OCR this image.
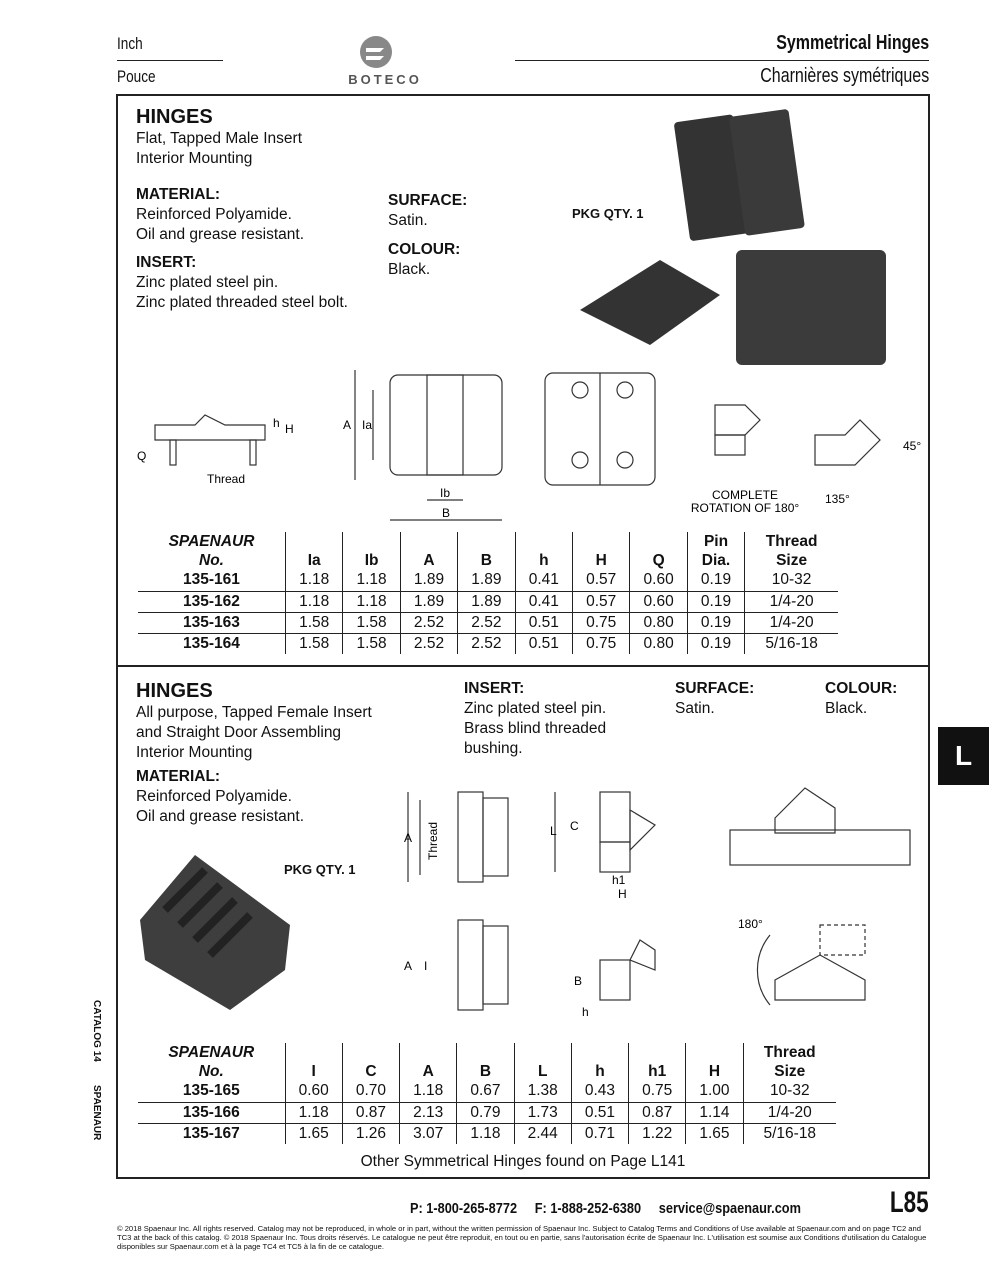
Inch
Pouce	BOTECO
Symmetrical Hinges
Charnières symétriques
HINGES
Flat, Tapped Male Insert
Interior Mounting
MATERIAL:
Reinforced Polyamide.
Oil and grease resistant.
INSERT:
Zinc plated steel pin.
Zinc plated threaded steel bolt.
SURFACE:
Satin.
COLOUR:
Black.
PKG QTY. 1
Thread
h H
Q
A Ia
Ib
B
COMPLETE
ROTATION OF 180°
45°
135°
SPAENAUR
No.	Ia	Ib	A	B	h	H	Q	Pin
Dia.	Thread
Size
135-161	1.18	1.18	1.89	1.89	0.41	0.57	0.60	0.19	10-32
135-162	1.18	1.18	1.89	1.89	0.41	0.57	0.60	0.19	1/4-20
135-163	1.58	1.58	2.52	2.52	0.51	0.75	0.80	0.19	1/4-20
135-164	1.58	1.58	2.52	2.52	0.51	0.75	0.80	0.19	5/16-18
HINGES
All purpose, Tapped Female Insert
and Straight Door Assembling
Interior Mounting
MATERIAL:
Reinforced Polyamide.
Oil and grease resistant.
INSERT:
Zinc plated steel pin.
Brass blind threaded
bushing.
SURFACE:
Satin.
COLOUR:
Black.
PKG QTY. 1
A Thread	L C
h1
H
A I
B
h
180°
SPAENAUR
No.	I	C	A	B	L	h	h1	H	Thread
Size
135-165	0.60	0.70	1.18	0.67	1.38	0.43	0.75	1.00	10-32
135-166	1.18	0.87	2.13	0.79	1.73	0.51	0.87	1.14	1/4-20
135-167	1.65	1.26	3.07	1.18	2.44	0.71	1.22	1.65	5/16-18
Other Symmetrical Hinges found on Page L141
L
CATALOG 14
SPAENAUR
P: 1-800-265-8772 F: 1-888-252-6380 service@spaenaur.com	L85
© 2018 Spaenaur Inc. All rights reserved. Catalog may not be reproduced, in whole or in part, without the written permission of Spaenaur Inc. Subject to Catalog Terms and Conditions of Use available at Spaenaur.com and on page TC2 and TC3 at the back of this catalog. © 2018 Spaenaur Inc. Tous droits réservés. Le catalogue ne peut être reproduit, en tout ou en partie, sans l'autorisation écrite de Spaenaur Inc. L'utilisation est soumise aux Conditions d'utilisation du Catalogue disponibles sur Spaenaur.com et à la page TC4 et TC5 à la fin de ce catalogue.
